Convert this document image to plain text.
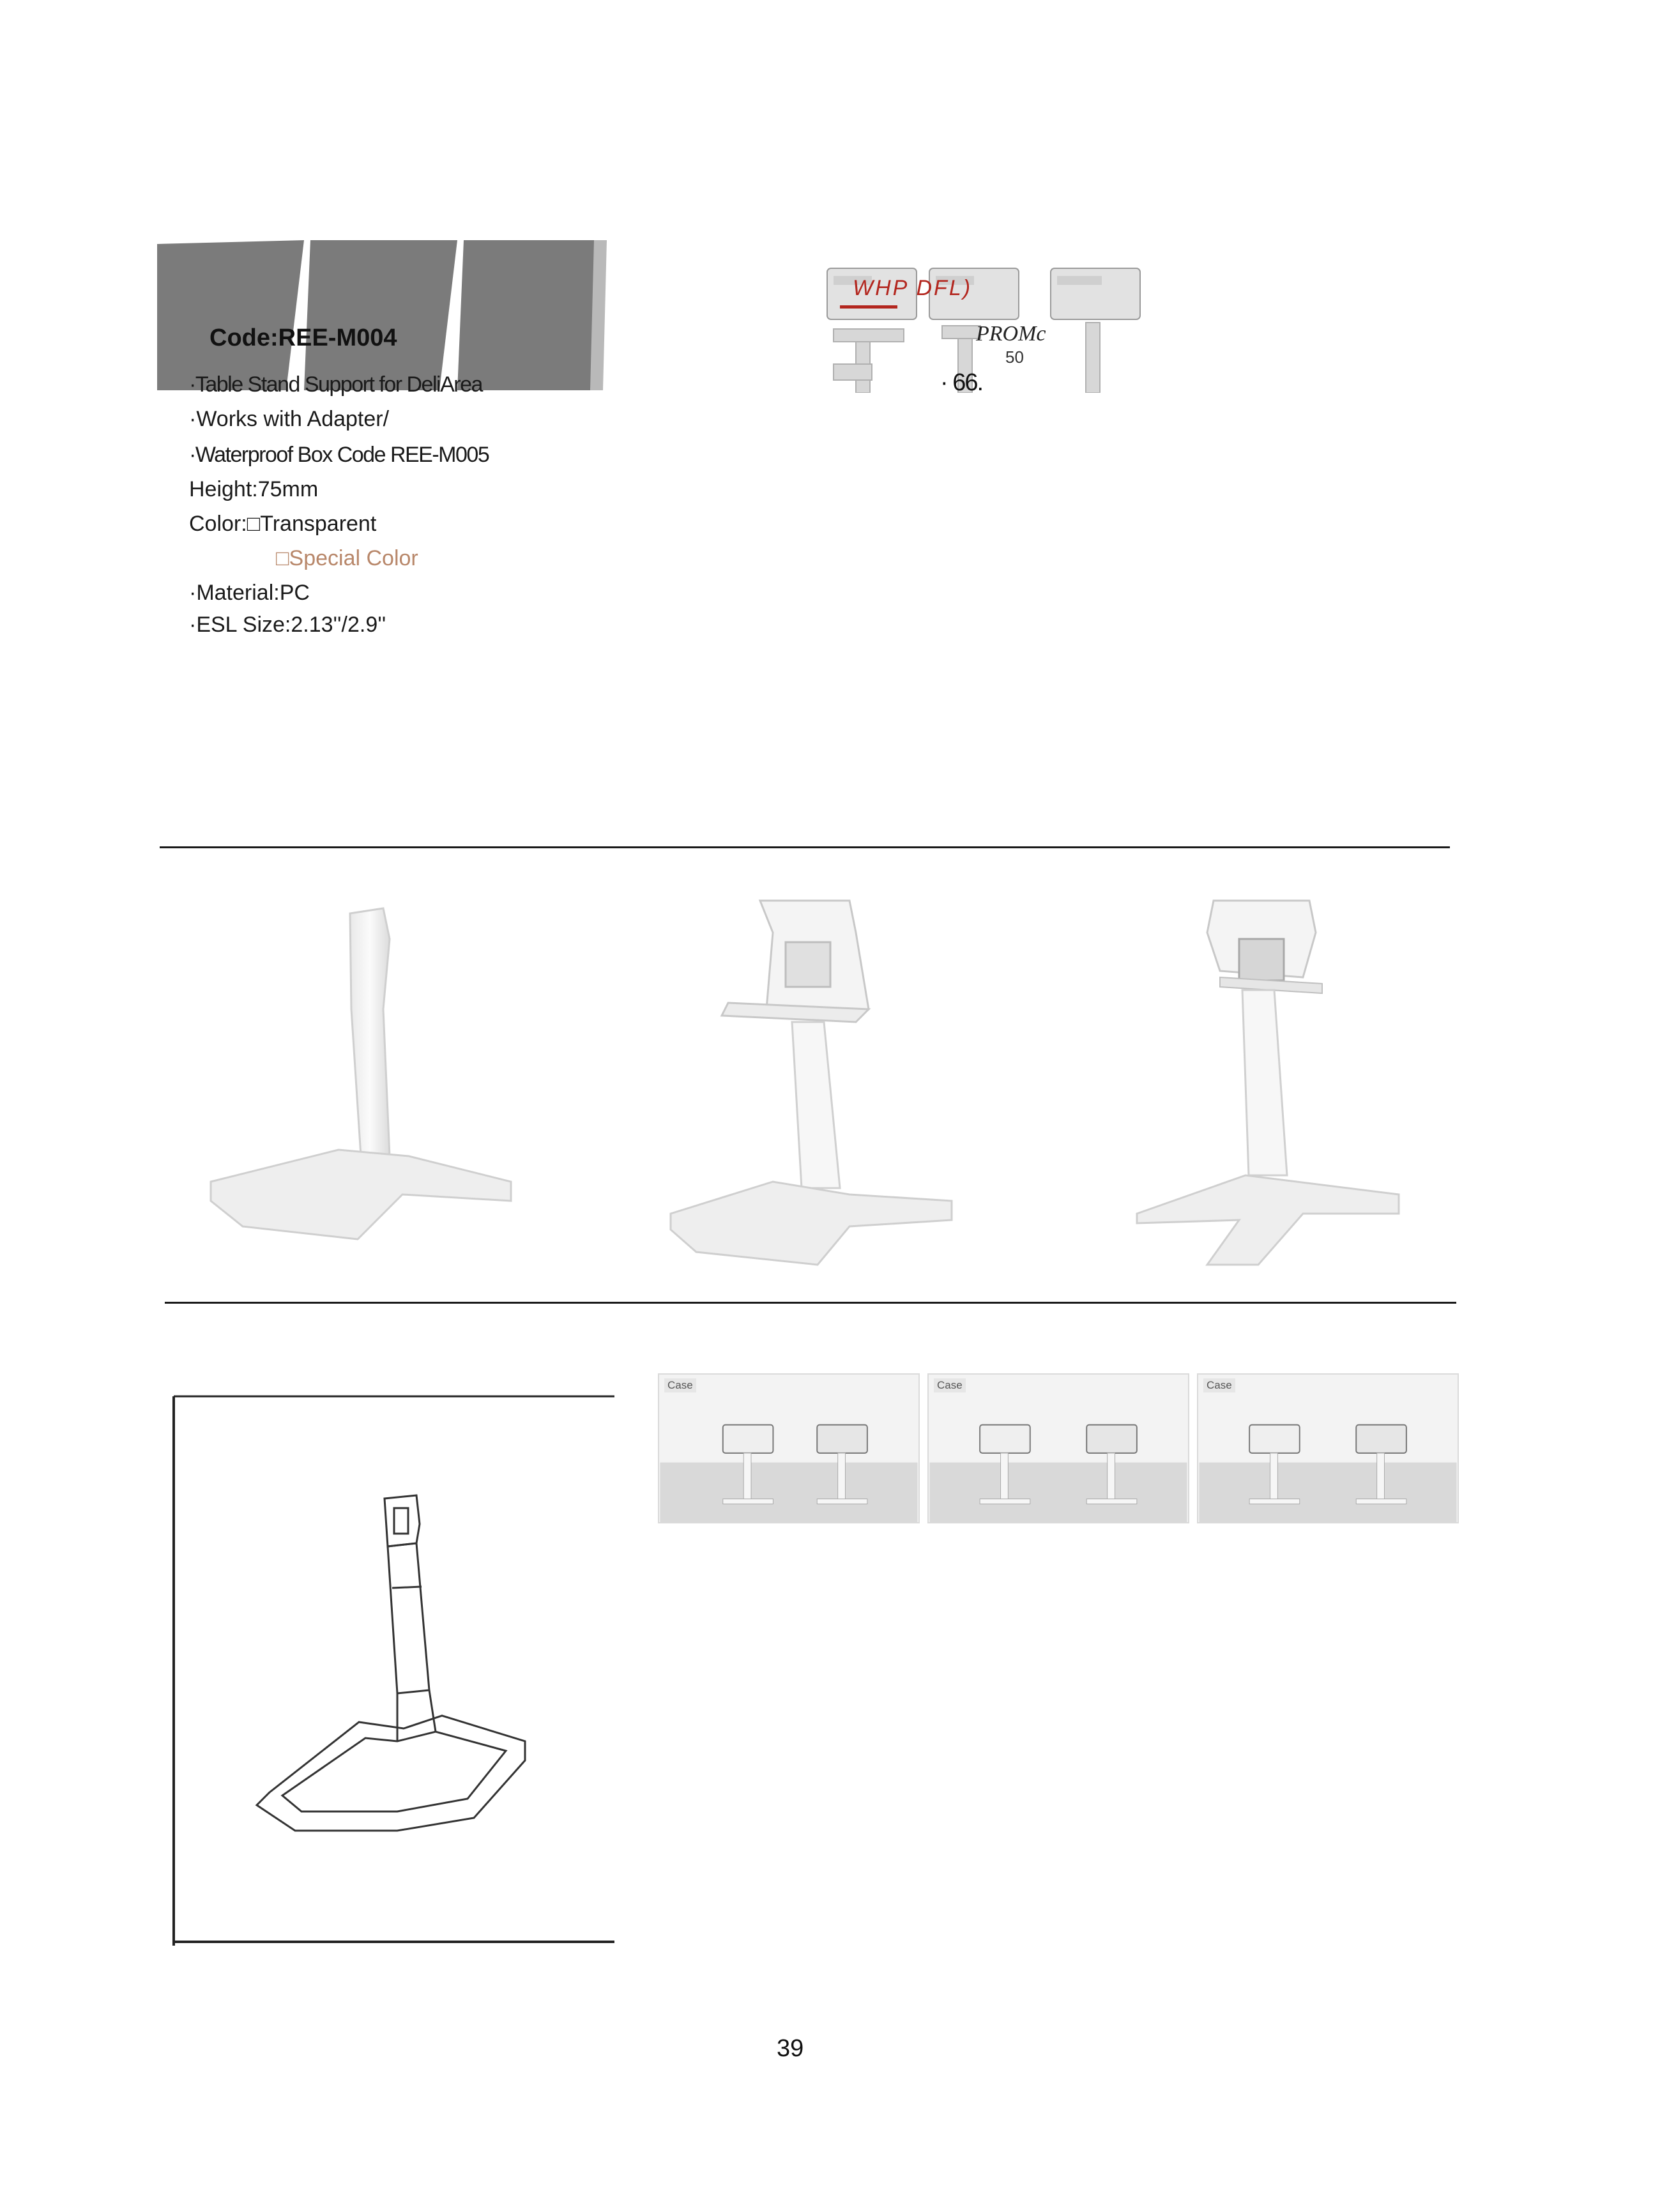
Code:REE-M004
·Table Stand Support for DeliArea
·Works with Adapter/
·Waterproof Box Code REE-M005
Height:75mm
Color:□Transparent
□Special Color
·Material:PC
·ESL Size:2.13''/2.9''
WHP DFL)
PROMc
50
· 66.
Case	Case	Case
39
